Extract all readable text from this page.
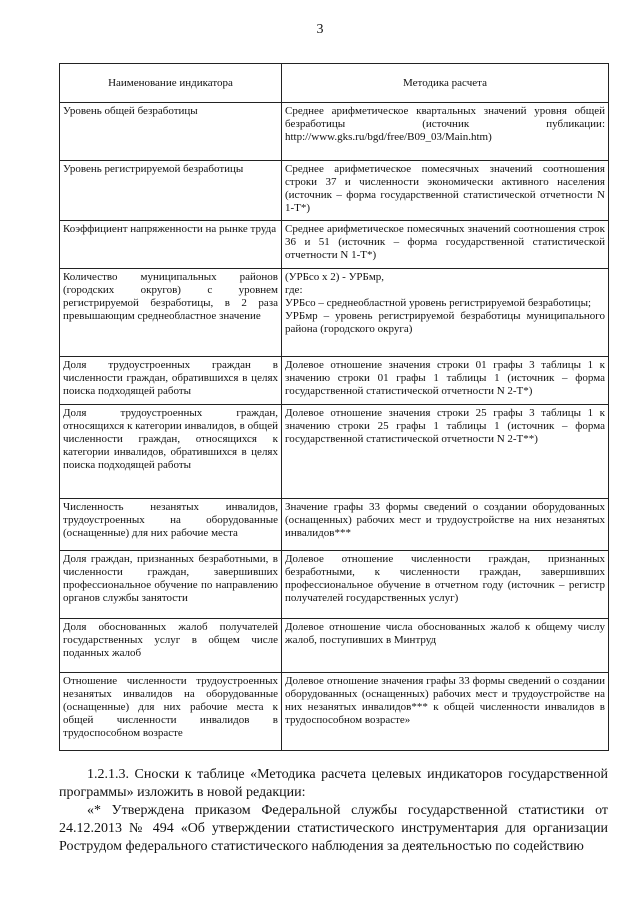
3
Наименование индикатора	Методика расчета
Уровень общей безработицы	Среднее арифметическое квартальных значений уровня общей безработицы (источник публикации: http://www.gks.ru/bgd/free/B09_03/Main.htm)

Уровень регистрируемой безработицы	Среднее арифметическое помесячных значений соотношения строки 37 и численности экономически активного населения (источник – форма государственной статистической отчетности N 1-Т*)

Коэффициент напряженности на рынке труда	Среднее арифметическое помесячных значений соотношения строк 36 и 51 (источник – форма государственной статистической отчетности N 1-Т*)

Количество муниципальных районов (городских округов) с уровнем регистрируемой безработицы, в 2 раза превышающим среднеобластное значение	(УРБсо х 2) - УРБмр,
где:
УРБсо – среднеобластной уровень регистрируемой безработицы;
УРБмр – уровень регистрируемой безработицы муниципального района (городского округа)

Доля трудоустроенных граждан в численности граждан, обратившихся в целях поиска подходящей работы	Долевое отношение значения строки 01 графы 3 таблицы 1 к значению строки 01 графы 1 таблицы 1 (источник – форма государственной статистической отчетности N 2-Т*)

Доля трудоустроенных граждан, относящихся к категории инвалидов, в общей численности граждан, относящихся к категории инвалидов, обратившихся в целях поиска подходящей работы	Долевое отношение значения строки 25 графы 3 таблицы 1 к значению строки 25 графы 1 таблицы 1 (источник – форма государственной статистической отчетности N 2-Т**)

Численность незанятых инвалидов, трудоустроенных на оборудованные (оснащенные) для них рабочие места	Значение графы 33 формы сведений о создании оборудованных (оснащенных) рабочих мест и трудоустройстве на них незанятых инвалидов***

Доля граждан, признанных безработными, в численности граждан, завершивших профессиональное обучение по направлению органов службы занятости	Долевое отношение численности граждан, признанных безработными, к численности граждан, завершивших профессиональное обучение в отчетном году (источник – регистр получателей государственных услуг)

Доля обоснованных жалоб получателей государственных услуг в общем числе поданных жалоб	Долевое отношение числа обоснованных жалоб к общему числу жалоб, поступивших в Минтруд

Отношение численности трудоустроенных незанятых инвалидов на оборудованные (оснащенные) для них рабочие места к общей численности инвалидов в трудоспособном возрасте	Долевое отношение значения графы 33 формы сведений о создании оборудованных (оснащенных) рабочих мест и трудоустройстве на них незанятых инвалидов*** к общей численности инвалидов в трудоспособном возрасте»

1.2.1.3. Сноски к таблице «Методика расчета целевых индикаторов государственной программы» изложить в новой редакции:

«* Утверждена приказом Федеральной службы государственной статистики от 24.12.2013 № 494 «Об утверждении статистического инструментария для организации Рострудом федерального статистического наблюдения за деятельностью по содействию
